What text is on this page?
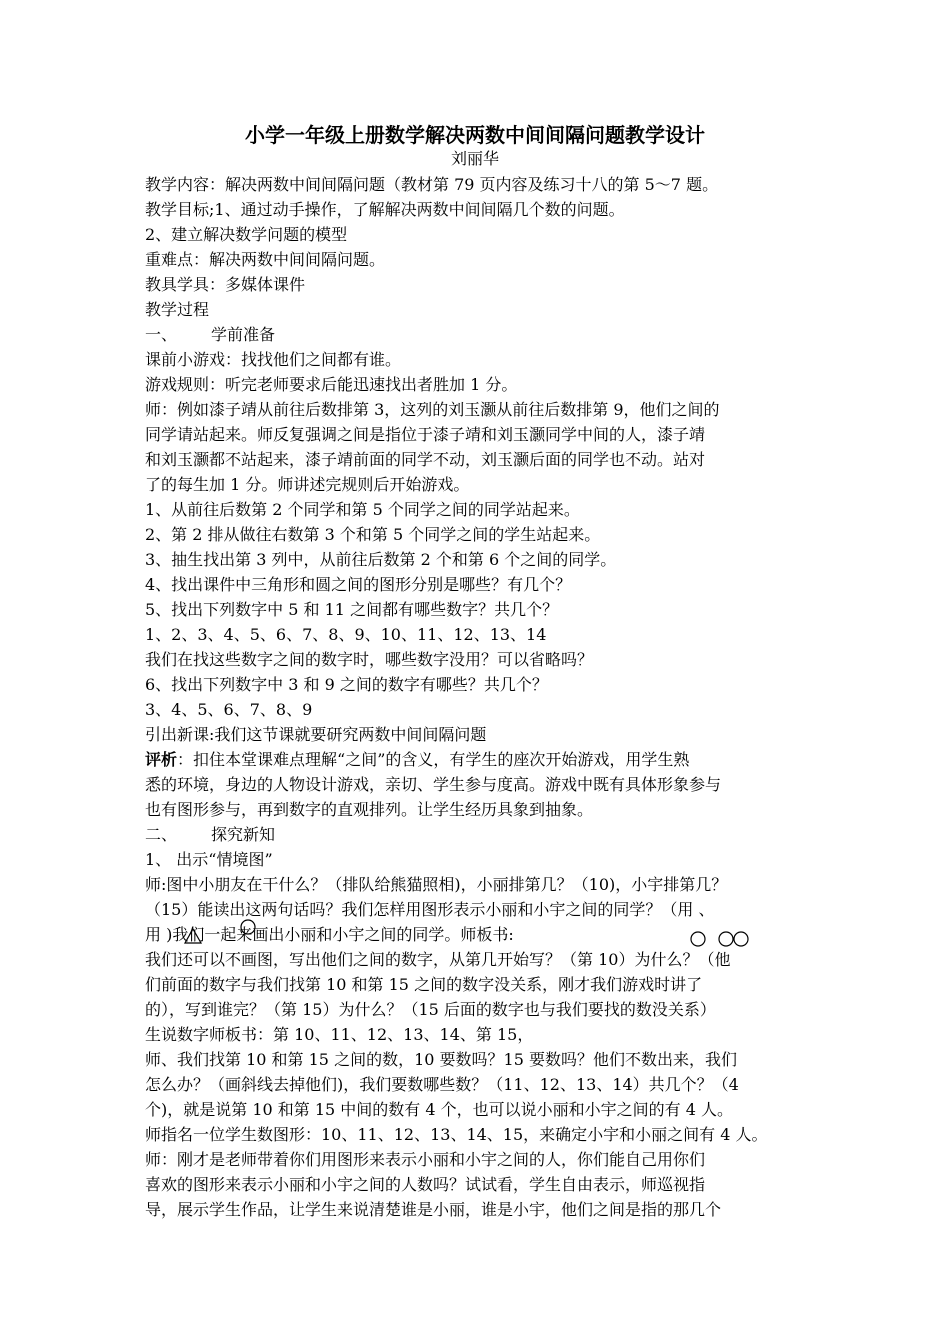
小学一年级上册数学解决两数中间间隔问题教学设计
刘丽华
教学内容：解决两数中间间隔问题（教材第 79 页内容及练习十八的第 5～7 题。
教学目标;1、通过动手操作，了解解决两数中间间隔几个数的问题。
2、建立解决数学问题的模型
重难点：解决两数中间间隔问题。
教具学具：多媒体课件
教学过程
一、 学前准备
课前小游戏：找找他们之间都有谁。
游戏规则：听完老师要求后能迅速找出者胜加 1 分。
师：例如漆子靖从前往后数排第 3，这列的刘玉灏从前往后数排第 9，他们之间的
同学请站起来。师反复强调之间是指位于漆子靖和刘玉灏同学中间的人，漆子靖
和刘玉灏都不站起来，漆子靖前面的同学不动，刘玉灏后面的同学也不动。站对
了的每生加 1 分。师讲述完规则后开始游戏。
1、从前往后数第 2 个同学和第 5 个同学之间的同学站起来。
2、第 2 排从做往右数第 3 个和第 5 个同学之间的学生站起来。
3、抽生找出第 3 列中，从前往后数第 2 个和第 6 个之间的同学。
4、找出课件中三角形和圆之间的图形分别是哪些？有几个？
5、找出下列数字中 5 和 11 之间都有哪些数字？共几个？
1、2、3、4、5、6、7、8、9、10、11、12、13、14
我们在找这些数字之间的数字时，哪些数字没用？可以省略吗？
6、找出下列数字中 3 和 9 之间的数字有哪些？共几个？
3、4、5、6、7、8、9
引出新课:我们这节课就要研究两数中间间隔问题
评析：扣住本堂课难点理解“之间”的含义，有学生的座次开始游戏，用学生熟
悉的环境，身边的人物设计游戏，亲切、学生参与度高。游戏中既有具体形象参与
也有图形参与，再到数字的直观排列。让学生经历具象到抽象。
二、 探究新知
1、 出示“情境图”
师:图中小朋友在干什么？（排队给熊猫照相)，小丽排第几？（10)，小宇排第几？
（15）能读出这两句话吗？我们怎样用图形表示小丽和小宇之间的同学？（用 、
用 )我们一起来画出小丽和小宇之间的同学。师板书:
我们还可以不画图，写出他们之间的数字，从第几开始写？（第 10）为什么？（他
们前面的数字与我们找第 10 和第 15 之间的数字没关系，刚才我们游戏时讲了
的），写到谁完？（第 15）为什么？（15 后面的数字也与我们要找的数没关系）
生说数字师板书：第 10、11、12、13、14、第 15，
师、我们找第 10 和第 15 之间的数，10 要数吗？15 要数吗？他们不数出来，我们
怎么办？（画斜线去掉他们)，我们要数哪些数？（11、12、13、14）共几个？（4
个)，就是说第 10 和第 15 中间的数有 4 个，也可以说小丽和小宇之间的有 4 人。
师指名一位学生数图形：10、11、12、13、14、15，来确定小宇和小丽之间有 4 人。
师：刚才是老师带着你们用图形来表示小丽和小宇之间的人，你们能自己用你们
喜欢的图形来表示小丽和小宇之间的人数吗？试试看，学生自由表示，师巡视指
导，展示学生作品，让学生来说清楚谁是小丽，谁是小宇，他们之间是指的那几个
